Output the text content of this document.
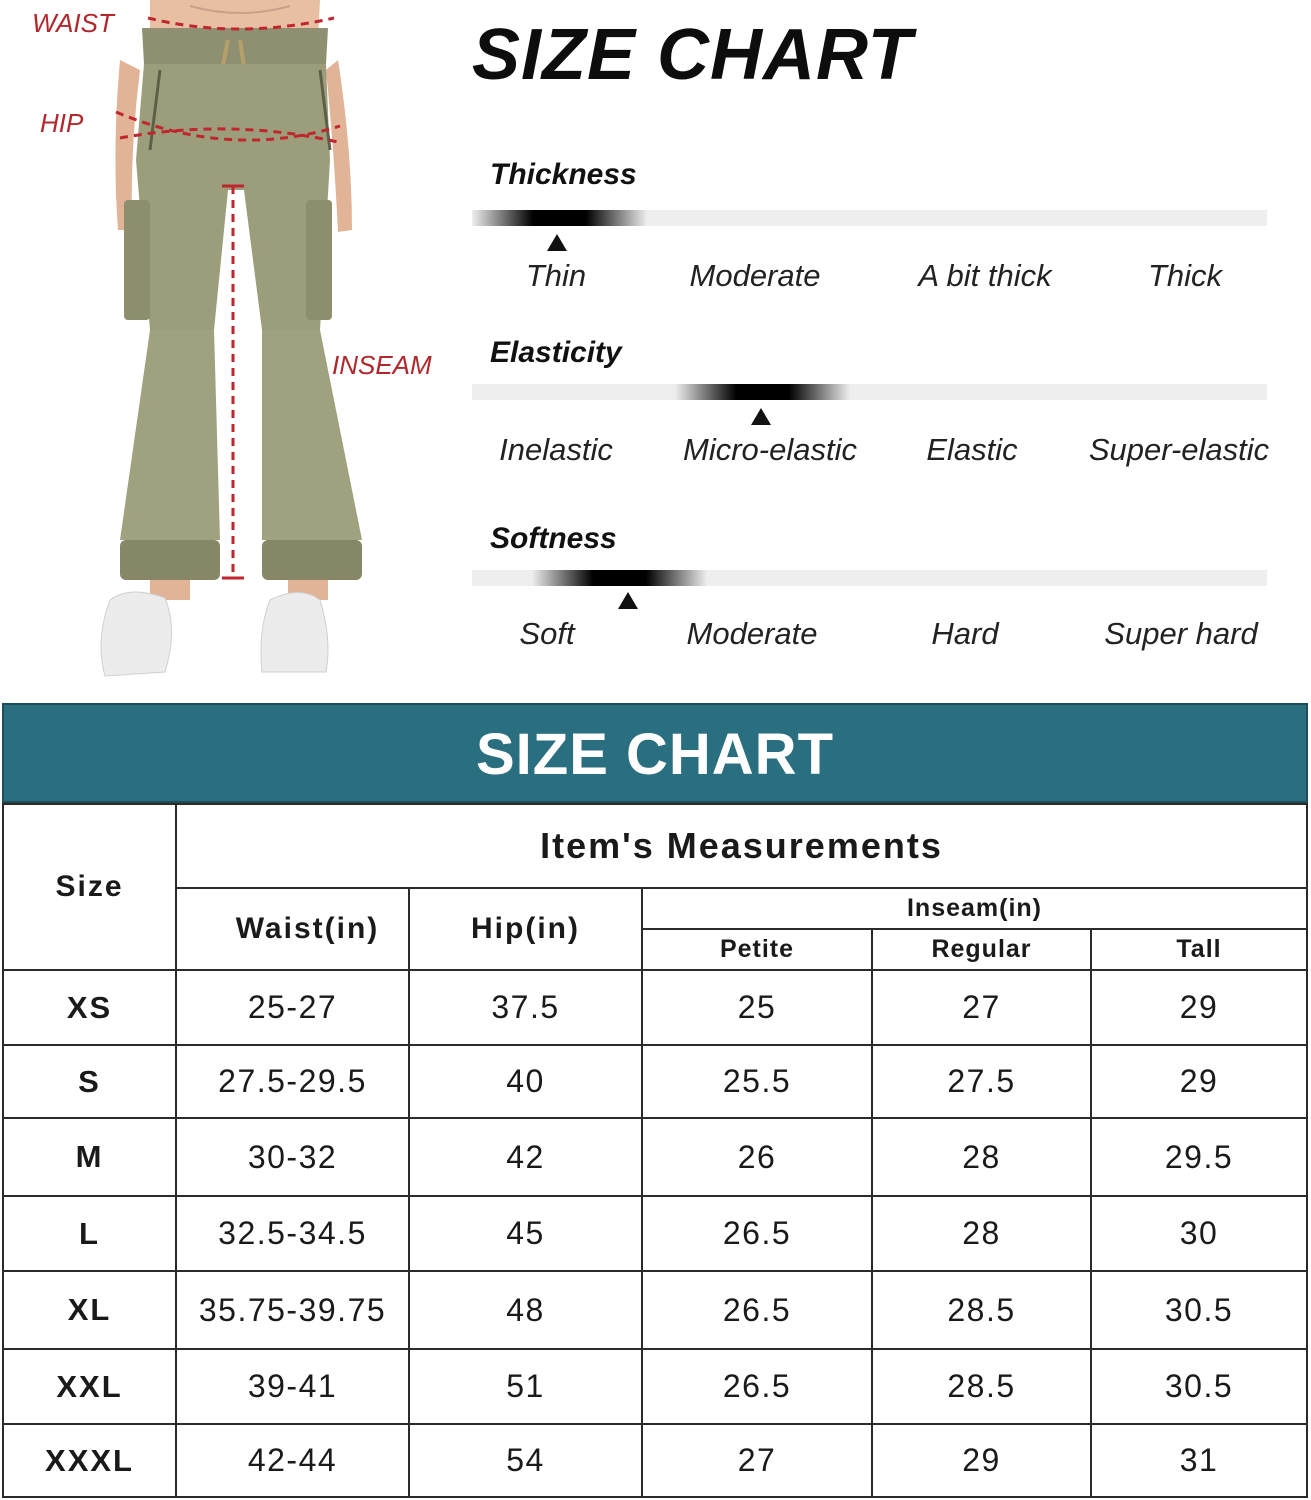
WAIST
HIP
INSEAM
SIZE CHART
Thickness
Thin	Moderate	A bit thick	Thick
Elasticity
Inelastic Micro-elastic Elastic Super-elastic
Softness
Soft	Moderate	Hard	Super hard
SIZE CHART
Size
Item's Measurements
Waist(in)	Hip(in)
Inseam(in)
Petite	Regular	Tall
XS	25-27	37.5	25	27	29
S	27.5-29.5	40	25.5	27.5	29
M	30-32	42	26	28	29.5
L	32.5-34.5	45	26.5	28	30
XL	35.75-39.75	48	26.5	28.5	30.5
XXL	39-41	51	26.5	28.5	30.5
XXXL	42-44	54	27	29	31
